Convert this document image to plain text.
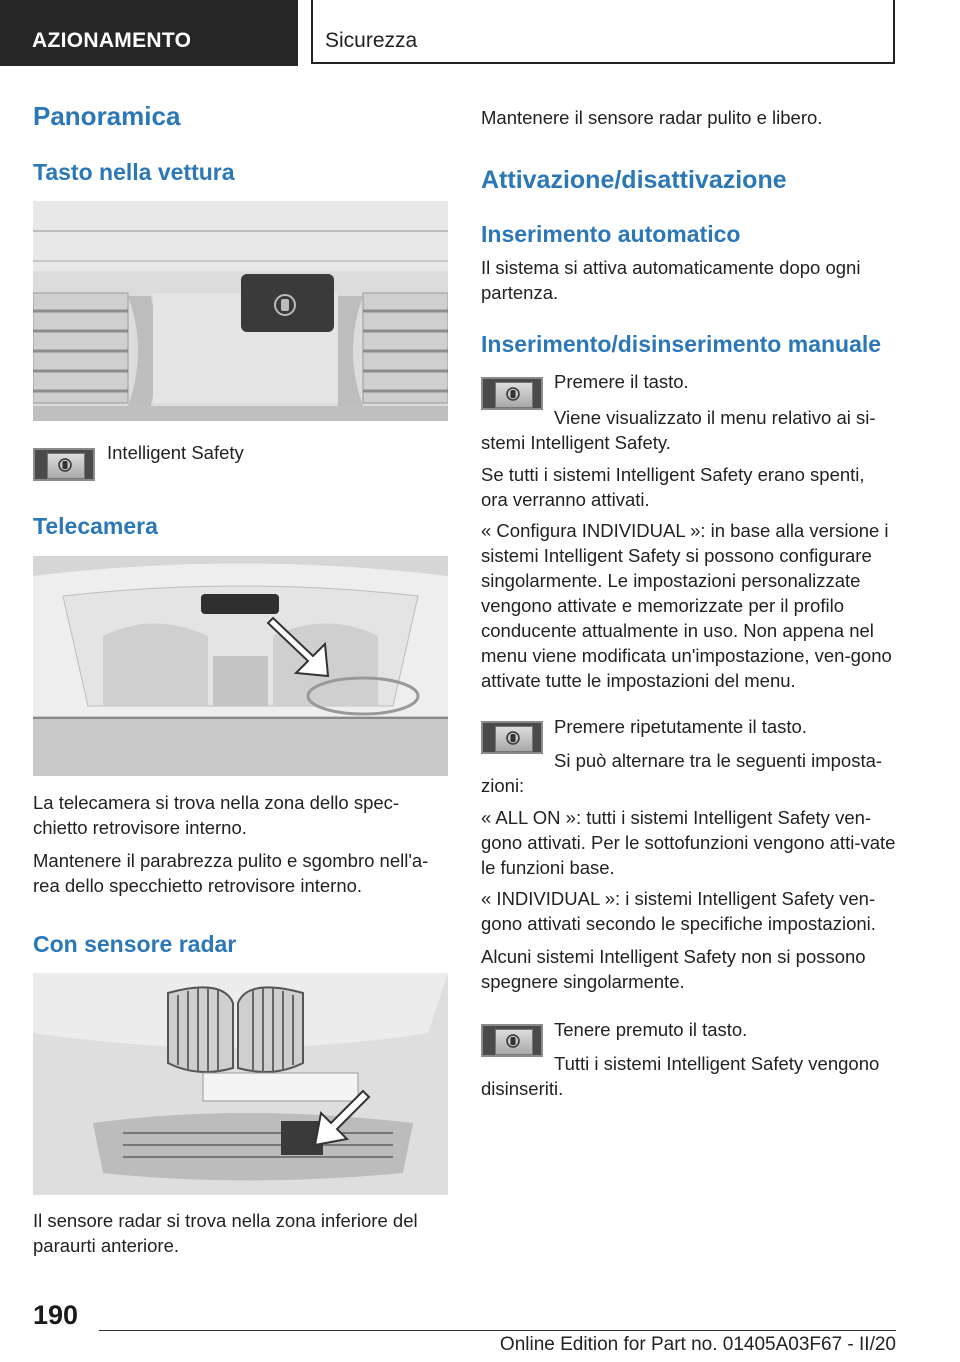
AZIONAMENTO	Sicurezza
Panoramica
Tasto nella vettura

Intelligent Safety

Telecamera

La telecamera si trova nella zona dello spec-chietto retrovisore interno.

Mantenere il parabrezza pulito e sgombro nell'a-rea dello specchietto retrovisore interno.

Con sensore radar

Il sensore radar si trova nella zona inferiore del paraurti anteriore.

Mantenere il sensore radar pulito e libero.

Attivazione/disattivazione
Inserimento automatico

Il sistema si attiva automaticamente dopo ogni partenza.

Inserimento/disinserimento manuale

Premere il tasto.

Viene visualizzato il menu relativo ai si-stemi Intelligent Safety.

Se tutti i sistemi Intelligent Safety erano spenti, ora verranno attivati.

« Configura INDIVIDUAL »: in base alla versione i sistemi Intelligent Safety si possono configurare singolarmente. Le impostazioni personalizzate vengono attivate e memorizzate per il profilo conducente attualmente in uso. Non appena nel menu viene modificata un'impostazione, ven-gono attivate tutte le impostazioni del menu.

Premere ripetutamente il tasto.

Si può alternare tra le seguenti imposta-zioni:

« ALL ON »: tutti i sistemi Intelligent Safety ven-gono attivati. Per le sottofunzioni vengono atti-vate le funzioni base.

« INDIVIDUAL »: i sistemi Intelligent Safety ven-gono attivati secondo le specifiche impostazioni.

Alcuni sistemi Intelligent Safety non si possono spegnere singolarmente.

Tenere premuto il tasto.

Tutti i sistemi Intelligent Safety vengono disinseriti.

190
Online Edition for Part no. 01405A03F67 - II/20
